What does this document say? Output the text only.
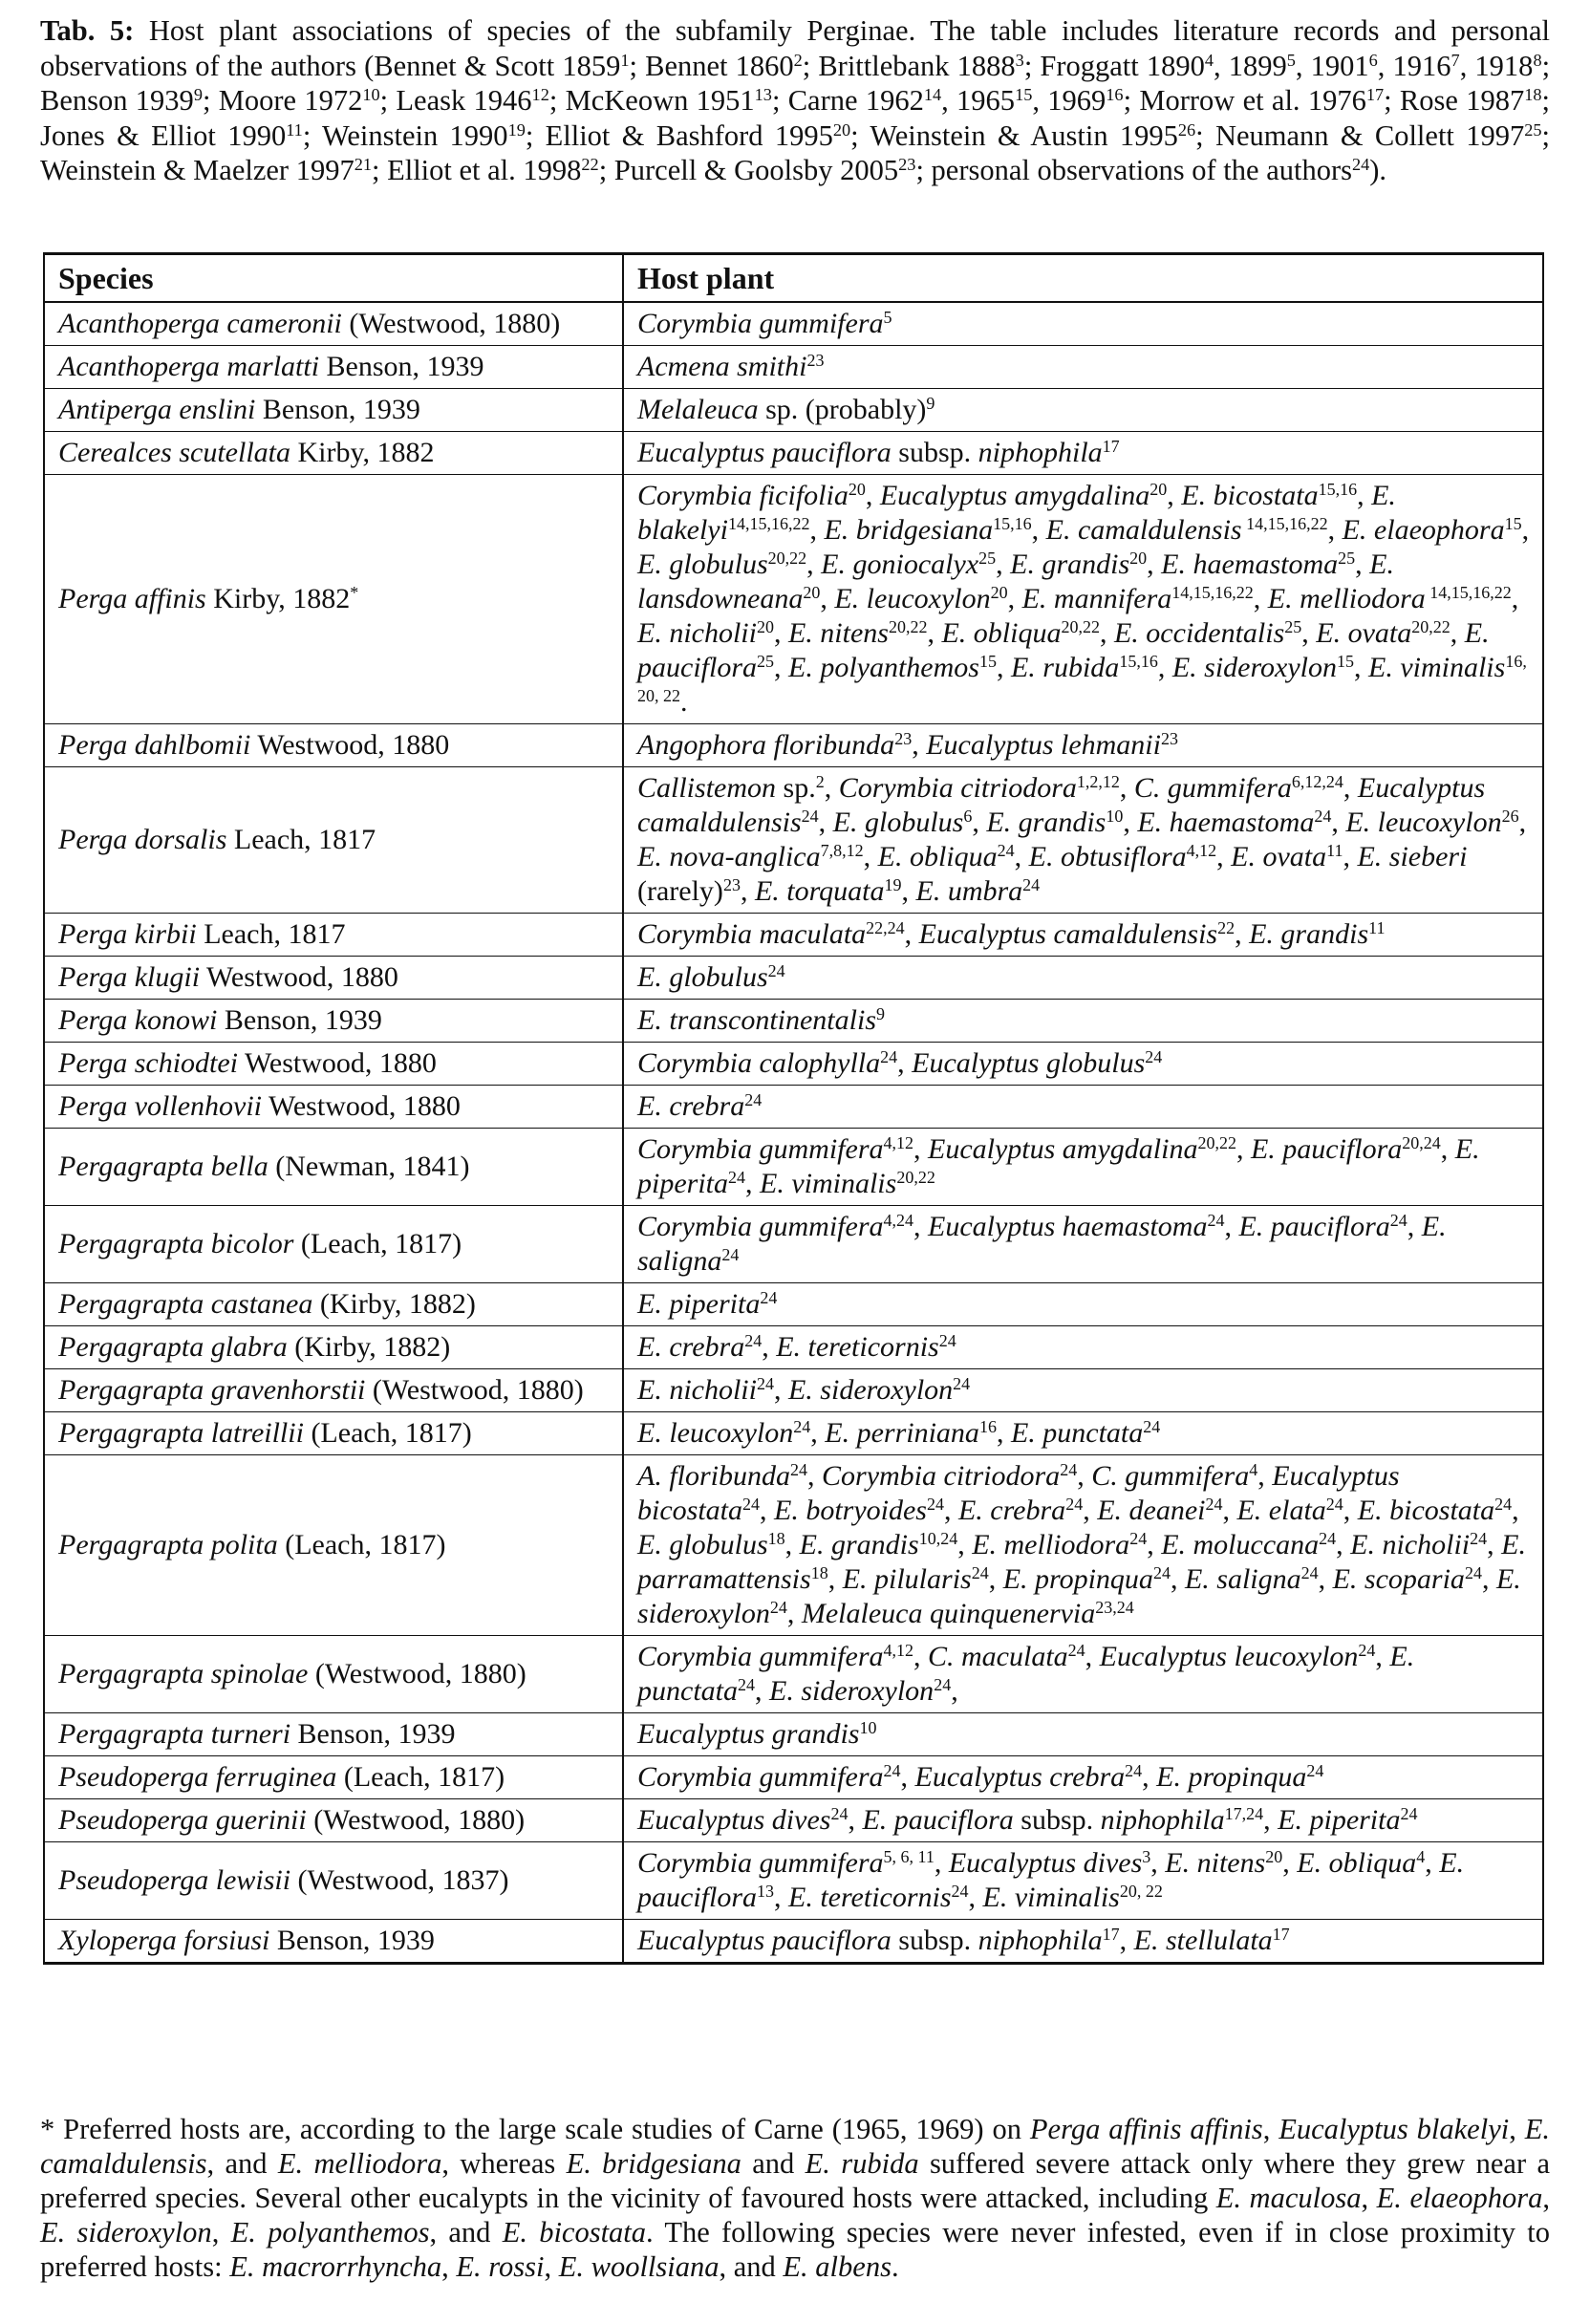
Tab. 5: Host plant associations of species of the subfamily Perginae. The table includes literature records and personal observations of the authors (Bennet & Scott 1859$^1$; Bennet 1860$^2$; Brittlebank 1888$^3$; Froggatt 1890$^4$, 1899$^5$, 1901$^6$, 1916$^7$, 1918$^8$; Benson 1939$^9$; Moore 1972$^{10}$; Leask 1946$^{12}$; McKeown 1951$^{13}$; Carne 1962$^{14}$, 1965$^{15}$, 1969$^{16}$; Morrow et al. 1976$^{17}$; Rose 1987$^{18}$; Jones & Elliot 1990$^{11}$; Weinstein 1990$^{19}$; Elliot & Bashford 1995$^{20}$; Weinstein & Austin 1995$^{26}$; Neumann & Collett 1997$^{25}$; Weinstein & Maelzer 1997$^{21}$; Elliot et al. 1998$^{22}$; Purcell & Goolsby 2005$^{23}$; personal observations of the authors$^{24}$).
Species	Host plant
Acanthoperga cameronii (Westwood, 1880)	Corymbia gummifera$^5$
Acanthoperga marlatti Benson, 1939	Acmena smithi$^{23}$
Antiperga enslini Benson, 1939	Melaleuca sp. (probably)$^9$
Cerealces scutellata Kirby, 1882	Eucalyptus pauciflora subsp. niphophila$^{17}$
Perga affinis Kirby, 1882*	Corymbia ficifolia$^{20}$, Eucalyptus amygdalina$^{20}$, E. bicostata$^{15,16}$, E. blakelyi$^{14,15,16,22}$, E. bridgesiana$^{15,16}$, E. camaldulensis $^{14,15,16,22}$, E. elaeophora$^{15}$, E. globulus$^{20,22}$, E. goniocalyx$^{25}$, E. grandis$^{20}$, E. haemastoma$^{25}$, E. lansdowneana$^{20}$, E. leucoxylon$^{20}$, E. mannifera$^{14,15,16,22}$, E. melliodora $^{14,15,16,22}$, E. nicholii$^{20}$, E. nitens$^{20,22}$, E. obliqua$^{20,22}$, E. occidentalis$^{25}$, E. ovata$^{20,22}$, E. pauciflora$^{25}$, E. polyanthemos$^{15}$, E. rubida$^{15,16}$, E. sideroxylon$^{15}$, E. viminalis$^{16, 20, 22}$.
Perga dahlbomii Westwood, 1880	Angophora floribunda$^{23}$, Eucalyptus lehmanii$^{23}$
Perga dorsalis Leach, 1817	Callistemon sp.$^2$, Corymbia citriodora$^{1,2,12}$, C. gummifera$^{6,12,24}$, Eucalyptus camaldulensis$^{24}$, E. globulus$^6$, E. grandis$^{10}$, E. haemastoma$^{24}$, E. leucoxylon$^{26}$, E. nova-anglica$^{7,8,12}$, E. obliqua$^{24}$, E. obtusiflora$^{4,12}$, E. ovata$^{11}$, E. sieberi (rarely)$^{23}$, E. torquata$^{19}$, E. umbra$^{24}$
Perga kirbii Leach, 1817	Corymbia maculata$^{22,24}$, Eucalyptus camaldulensis$^{22}$, E. grandis$^{11}$
Perga klugii Westwood, 1880	E. globulus$^{24}$
Perga konowi Benson, 1939	E. transcontinentalis$^9$
Perga schiodtei Westwood, 1880	Corymbia calophylla$^{24}$, Eucalyptus globulus$^{24}$
Perga vollenhovii Westwood, 1880	E. crebra$^{24}$
Pergagrapta bella (Newman, 1841)	Corymbia gummifera$^{4,12}$, Eucalyptus amygdalina$^{20,22}$, E. pauciflora$^{20,24}$, E. piperita$^{24}$, E. viminalis$^{20,22}$
Pergagrapta bicolor (Leach, 1817)	Corymbia gummifera$^{4,24}$, Eucalyptus haemastoma$^{24}$, E. pauciflora$^{24}$, E. saligna$^{24}$
Pergagrapta castanea (Kirby, 1882)	E. piperita$^{24}$
Pergagrapta glabra (Kirby, 1882)	E. crebra$^{24}$, E. tereticornis$^{24}$
Pergagrapta gravenhorstii (Westwood, 1880)	E. nicholii$^{24}$, E. sideroxylon$^{24}$
Pergagrapta latreillii (Leach, 1817)	E. leucoxylon$^{24}$, E. perriniana$^{16}$, E. punctata$^{24}$
Pergagrapta polita (Leach, 1817)	A. floribunda$^{24}$, Corymbia citriodora$^{24}$, C. gummifera$^4$, Eucalyptus bicostata$^{24}$, E. botryoides$^{24}$, E. crebra$^{24}$, E. deanei$^{24}$, E. elata$^{24}$, E. bicostata$^{24}$, E. globulus$^{18}$, E. grandis$^{10,24}$, E. melliodora$^{24}$, E. moluccana$^{24}$, E. nicholii$^{24}$, E. parramattensis$^{18}$, E. pilularis$^{24}$, E. propinqua$^{24}$, E. saligna$^{24}$, E. scoparia$^{24}$, E. sideroxylon$^{24}$, Melaleuca quinquenervia$^{23,24}$
Pergagrapta spinolae (Westwood, 1880)	Corymbia gummifera$^{4,12}$, C. maculata$^{24}$, Eucalyptus leucoxylon$^{24}$, E. punctata$^{24}$, E. sideroxylon$^{24}$,
Pergagrapta turneri Benson, 1939	Eucalyptus grandis$^{10}$
Pseudoperga ferruginea (Leach, 1817)	Corymbia gummifera$^{24}$, Eucalyptus crebra$^{24}$, E. propinqua$^{24}$
Pseudoperga guerinii (Westwood, 1880)	Eucalyptus dives$^{24}$, E. pauciflora subsp. niphophila$^{17,24}$, E. piperita$^{24}$
Pseudoperga lewisii (Westwood, 1837)	Corymbia gummifera$^{5, 6, 11}$, Eucalyptus dives$^3$, E. nitens$^{20}$, E. obliqua$^4$, E. pauciflora$^{13}$, E. tereticornis$^{24}$, E. viminalis$^{20, 22}$
Xyloperga forsiusi Benson, 1939	Eucalyptus pauciflora subsp. niphophila$^{17}$, E. stellulata$^{17}$
* Preferred hosts are, according to the large scale studies of Carne (1965, 1969) on Perga affinis affinis, Eucalyptus blakelyi, E. camaldulensis, and E. melliodora, whereas E. bridgesiana and E. rubida suffered severe attack only where they grew near a preferred species. Several other eucalypts in the vicinity of favoured hosts were attacked, including E. maculosa, E. elaeophora, E. sideroxylon, E. polyanthemos, and E. bicostata. The following species were never infested, even if in close proximity to preferred hosts: E. macrorrhyncha, E. rossi, E. woollsiana, and E. albens.
